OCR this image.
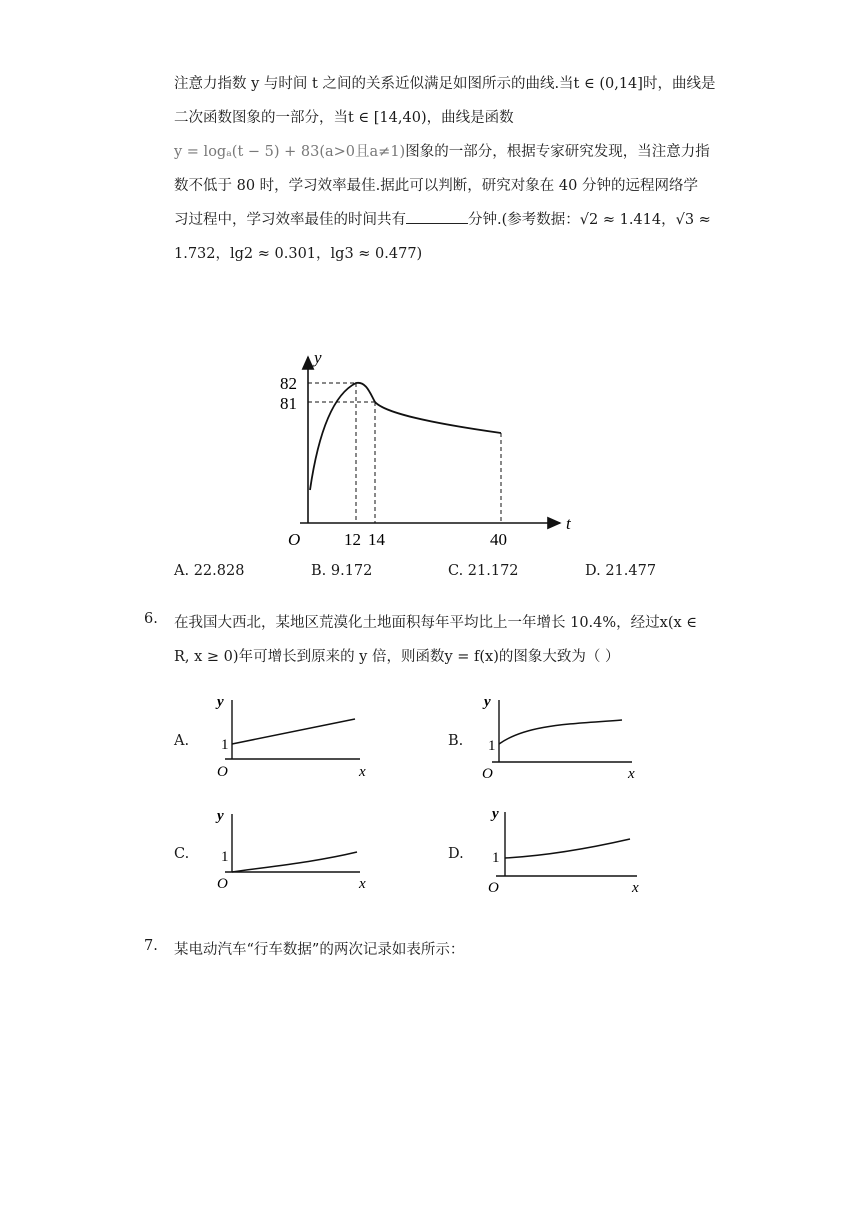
注意力指数 y 与时间 t 之间的关系近似满足如图所示的曲线.当t ∈ (0,14]时，曲线是
二次函数图象的一部分，当t ∈ [14,40)，曲线是函数
y = logₐ(t − 5) + 83(a>0且a≠1)图象的一部分，根据专家研究发现，当注意力指
数不低于 80 时，学习效率最佳.据此可以判断，研究对象在 40 分钟的远程网络学
习过程中，学习效率最佳的时间共有	分钟.(参考数据：√2 ≈ 1.414，√3 ≈
1.732，lg2 ≈ 0.301，lg3 ≈ 0.477)
y
t
O
82
81
12 14	40
A. 22.828	B. 9.172	C. 21.172	D. 21.477
6. 在我国大西北，某地区荒漠化土地面积每年平均比上一年增长 10.4%，经过x(x ∈
R, x ≥ 0)年可增长到原来的 y 倍，则函数y = f(x)的图象大致为（ ）
A.
y
1
O	x
B.
y
1
O	x
C.
y
1
O	x
D.
y
1
O	x
7. 某电动汽车“行车数据”的两次记录如表所示：
